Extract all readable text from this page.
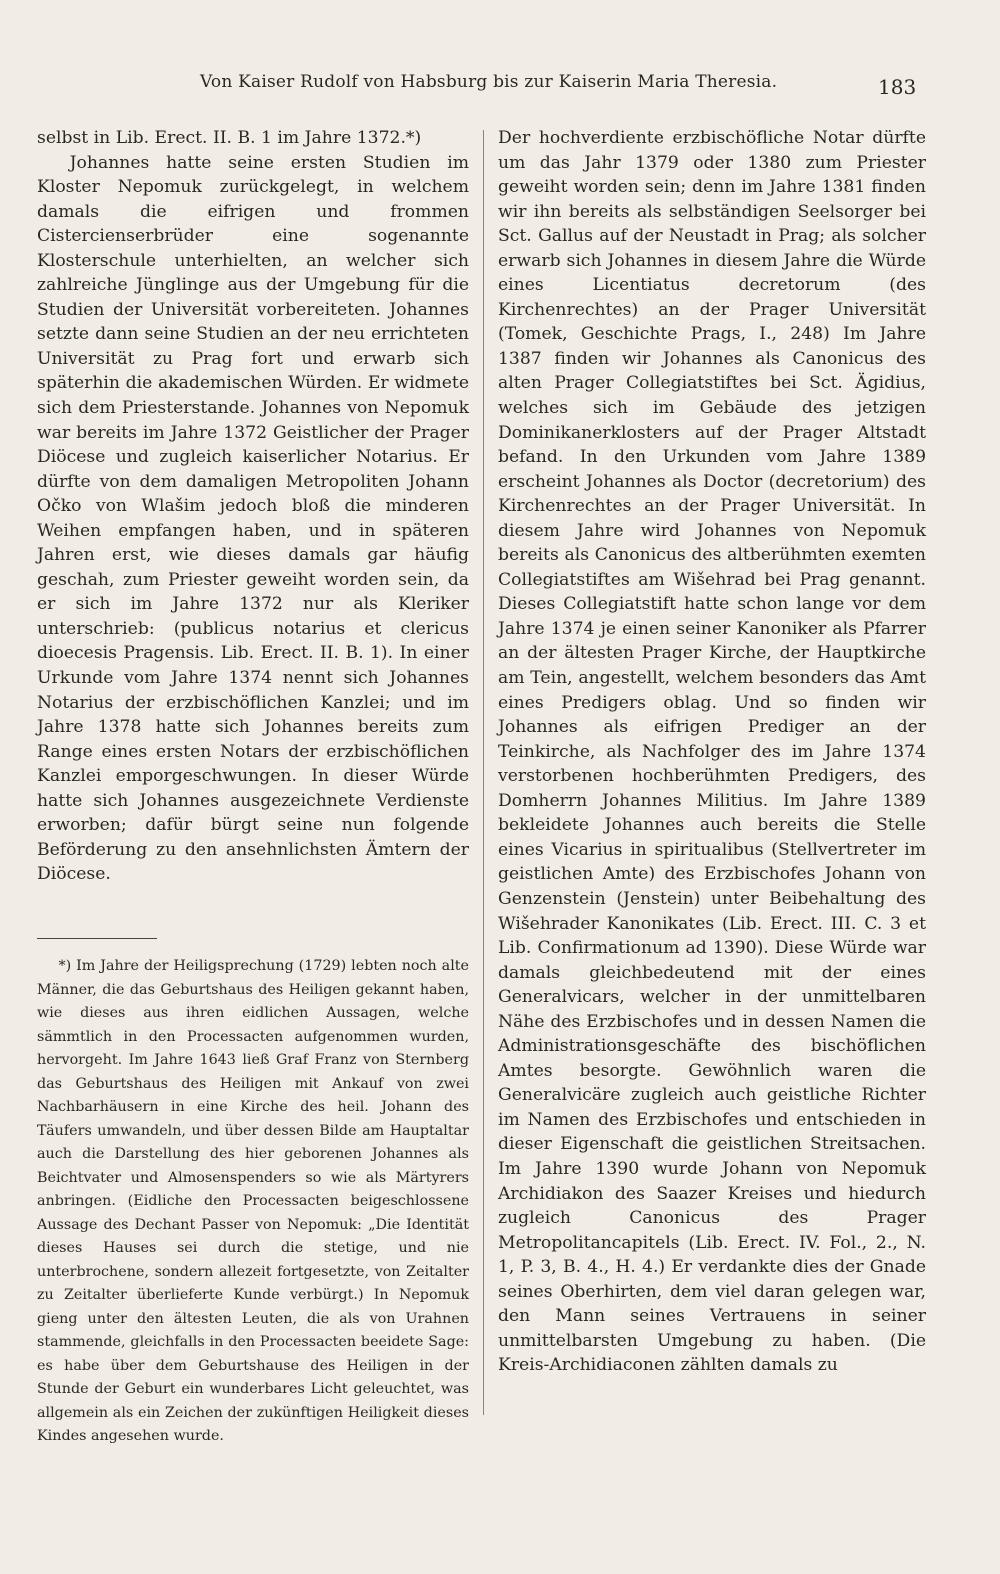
Von Kaiser Rudolf von Habsburg bis zur Kaiserin Maria Theresia.	183

selbst in Lib. Erect. II. B. 1 im Jahre 1372.*)

Johannes hatte seine ersten Studien im Kloster Nepomuk zurückgelegt, in welchem damals die eifrigen und frommen Cistercienserbrüder eine sogenannte Klosterschule unterhielten, an welcher sich zahlreiche Jünglinge aus der Umgebung für die Studien der Universität vorbereiteten. Johannes setzte dann seine Studien an der neu errichteten Universität zu Prag fort und erwarb sich späterhin die akademischen Würden. Er widmete sich dem Priesterstande. Johannes von Nepomuk war bereits im Jahre 1372 Geistlicher der Prager Diöcese und zugleich kaiserlicher Notarius. Er dürfte von dem damaligen Metropoliten Johann Očko von Wlašim jedoch bloß die minderen Weihen empfangen haben, und in späteren Jahren erst, wie dieses damals gar häufig geschah, zum Priester geweiht worden sein, da er sich im Jahre 1372 nur als Kleriker unterschrieb: (publicus notarius et clericus dioecesis Pragensis. Lib. Erect. II. B. 1). In einer Urkunde vom Jahre 1374 nennt sich Johannes Notarius der erzbischöflichen Kanzlei; und im Jahre 1378 hatte sich Johannes bereits zum Range eines ersten Notars der erzbischöflichen Kanzlei emporgeschwungen. In dieser Würde hatte sich Johannes ausgezeichnete Verdienste erworben; dafür bürgt seine nun folgende Beförderung zu den ansehnlichsten Ämtern der Diöcese.

*) Im Jahre der Heiligsprechung (1729) lebten noch alte Männer, die das Geburtshaus des Heiligen gekannt haben, wie dieses aus ihren eidlichen Aussagen, welche sämmtlich in den Processacten aufgenommen wurden, hervorgeht. Im Jahre 1643 ließ Graf Franz von Sternberg das Geburtshaus des Heiligen mit Ankauf von zwei Nachbarhäusern in eine Kirche des heil. Johann des Täufers umwandeln, und über dessen Bilde am Hauptaltar auch die Darstellung des hier geborenen Johannes als Beichtvater und Almosenspenders so wie als Märtyrers anbringen. (Eidliche den Processacten beigeschlossene Aussage des Dechant Passer von Nepomuk: „Die Identität dieses Hauses sei durch die stetige, und nie unterbrochene, sondern allezeit fortgesetzte, von Zeitalter zu Zeitalter überlieferte Kunde verbürgt.) In Nepomuk gieng unter den ältesten Leuten, die als von Urahnen stammende, gleichfalls in den Processacten beeidete Sage: es habe über dem Geburtshause des Heiligen in der Stunde der Geburt ein wunderbares Licht geleuchtet, was allgemein als ein Zeichen der zukünftigen Heiligkeit dieses Kindes angesehen wurde.

Der hochverdiente erzbischöfliche Notar dürfte um das Jahr 1379 oder 1380 zum Priester geweiht worden sein; denn im Jahre 1381 finden wir ihn bereits als selbständigen Seelsorger bei Sct. Gallus auf der Neustadt in Prag; als solcher erwarb sich Johannes in diesem Jahre die Würde eines Licentiatus decretorum (des Kirchenrechtes) an der Prager Universität (Tomek, Geschichte Prags, I., 248) Im Jahre 1387 finden wir Johannes als Canonicus des alten Prager Collegiatstiftes bei Sct. Ägidius, welches sich im Gebäude des jetzigen Dominikanerklosters auf der Prager Altstadt befand. In den Urkunden vom Jahre 1389 erscheint Johannes als Doctor (decretorium) des Kirchenrechtes an der Prager Universität. In diesem Jahre wird Johannes von Nepomuk bereits als Canonicus des altberühmten exemten Collegiatstiftes am Wišehrad bei Prag genannt. Dieses Collegiatstift hatte schon lange vor dem Jahre 1374 je einen seiner Kanoniker als Pfarrer an der ältesten Prager Kirche, der Hauptkirche am Tein, angestellt, welchem besonders das Amt eines Predigers oblag. Und so finden wir Johannes als eifrigen Prediger an der Teinkirche, als Nachfolger des im Jahre 1374 verstorbenen hochberühmten Predigers, des Domherrn Johannes Militius. Im Jahre 1389 bekleidete Johannes auch bereits die Stelle eines Vicarius in spiritualibus (Stellvertreter im geistlichen Amte) des Erzbischofes Johann von Genzenstein (Jenstein) unter Beibehaltung des Wišehrader Kanonikates (Lib. Erect. III. C. 3 et Lib. Confirmationum ad 1390). Diese Würde war damals gleichbedeutend mit der eines Generalvicars, welcher in der unmittelbaren Nähe des Erzbischofes und in dessen Namen die Administrationsgeschäfte des bischöflichen Amtes besorgte. Gewöhnlich waren die Generalvicäre zugleich auch geistliche Richter im Namen des Erzbischofes und entschieden in dieser Eigenschaft die geistlichen Streitsachen. Im Jahre 1390 wurde Johann von Nepomuk Archidiakon des Saazer Kreises und hiedurch zugleich Canonicus des Prager Metropolitancapitels (Lib. Erect. IV. Fol., 2., N. 1, P. 3, B. 4., H. 4.) Er verdankte dies der Gnade seines Oberhirten, dem viel daran gelegen war, den Mann seines Vertrauens in seiner unmittelbarsten Umgebung zu haben. (Die Kreis-Archidiaconen zählten damals zu
